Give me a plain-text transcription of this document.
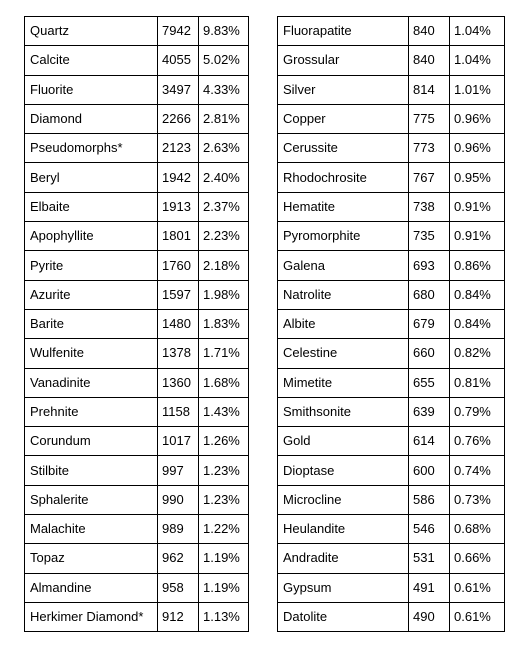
Quartz	7942	9.83%
Calcite	4055	5.02%
Fluorite	3497	4.33%
Diamond	2266	2.81%
Pseudomorphs*	2123	2.63%
Beryl	1942	2.40%
Elbaite	1913	2.37%
Apophyllite	1801	2.23%
Pyrite	1760	2.18%
Azurite	1597	1.98%
Barite	1480	1.83%
Wulfenite	1378	1.71%
Vanadinite	1360	1.68%
Prehnite	1158	1.43%
Corundum	1017	1.26%
Stilbite	997	1.23%
Sphalerite	990	1.23%
Malachite	989	1.22%
Topaz	962	1.19%
Almandine	958	1.19%
Herkimer Diamond*	912	1.13%
Fluorapatite	840	1.04%
Grossular	840	1.04%
Silver	814	1.01%
Copper	775	0.96%
Cerussite	773	0.96%
Rhodochrosite	767	0.95%
Hematite	738	0.91%
Pyromorphite	735	0.91%
Galena	693	0.86%
Natrolite	680	0.84%
Albite	679	0.84%
Celestine	660	0.82%
Mimetite	655	0.81%
Smithsonite	639	0.79%
Gold	614	0.76%
Dioptase	600	0.74%
Microcline	586	0.73%
Heulandite	546	0.68%
Andradite	531	0.66%
Gypsum	491	0.61%
Datolite	490	0.61%
